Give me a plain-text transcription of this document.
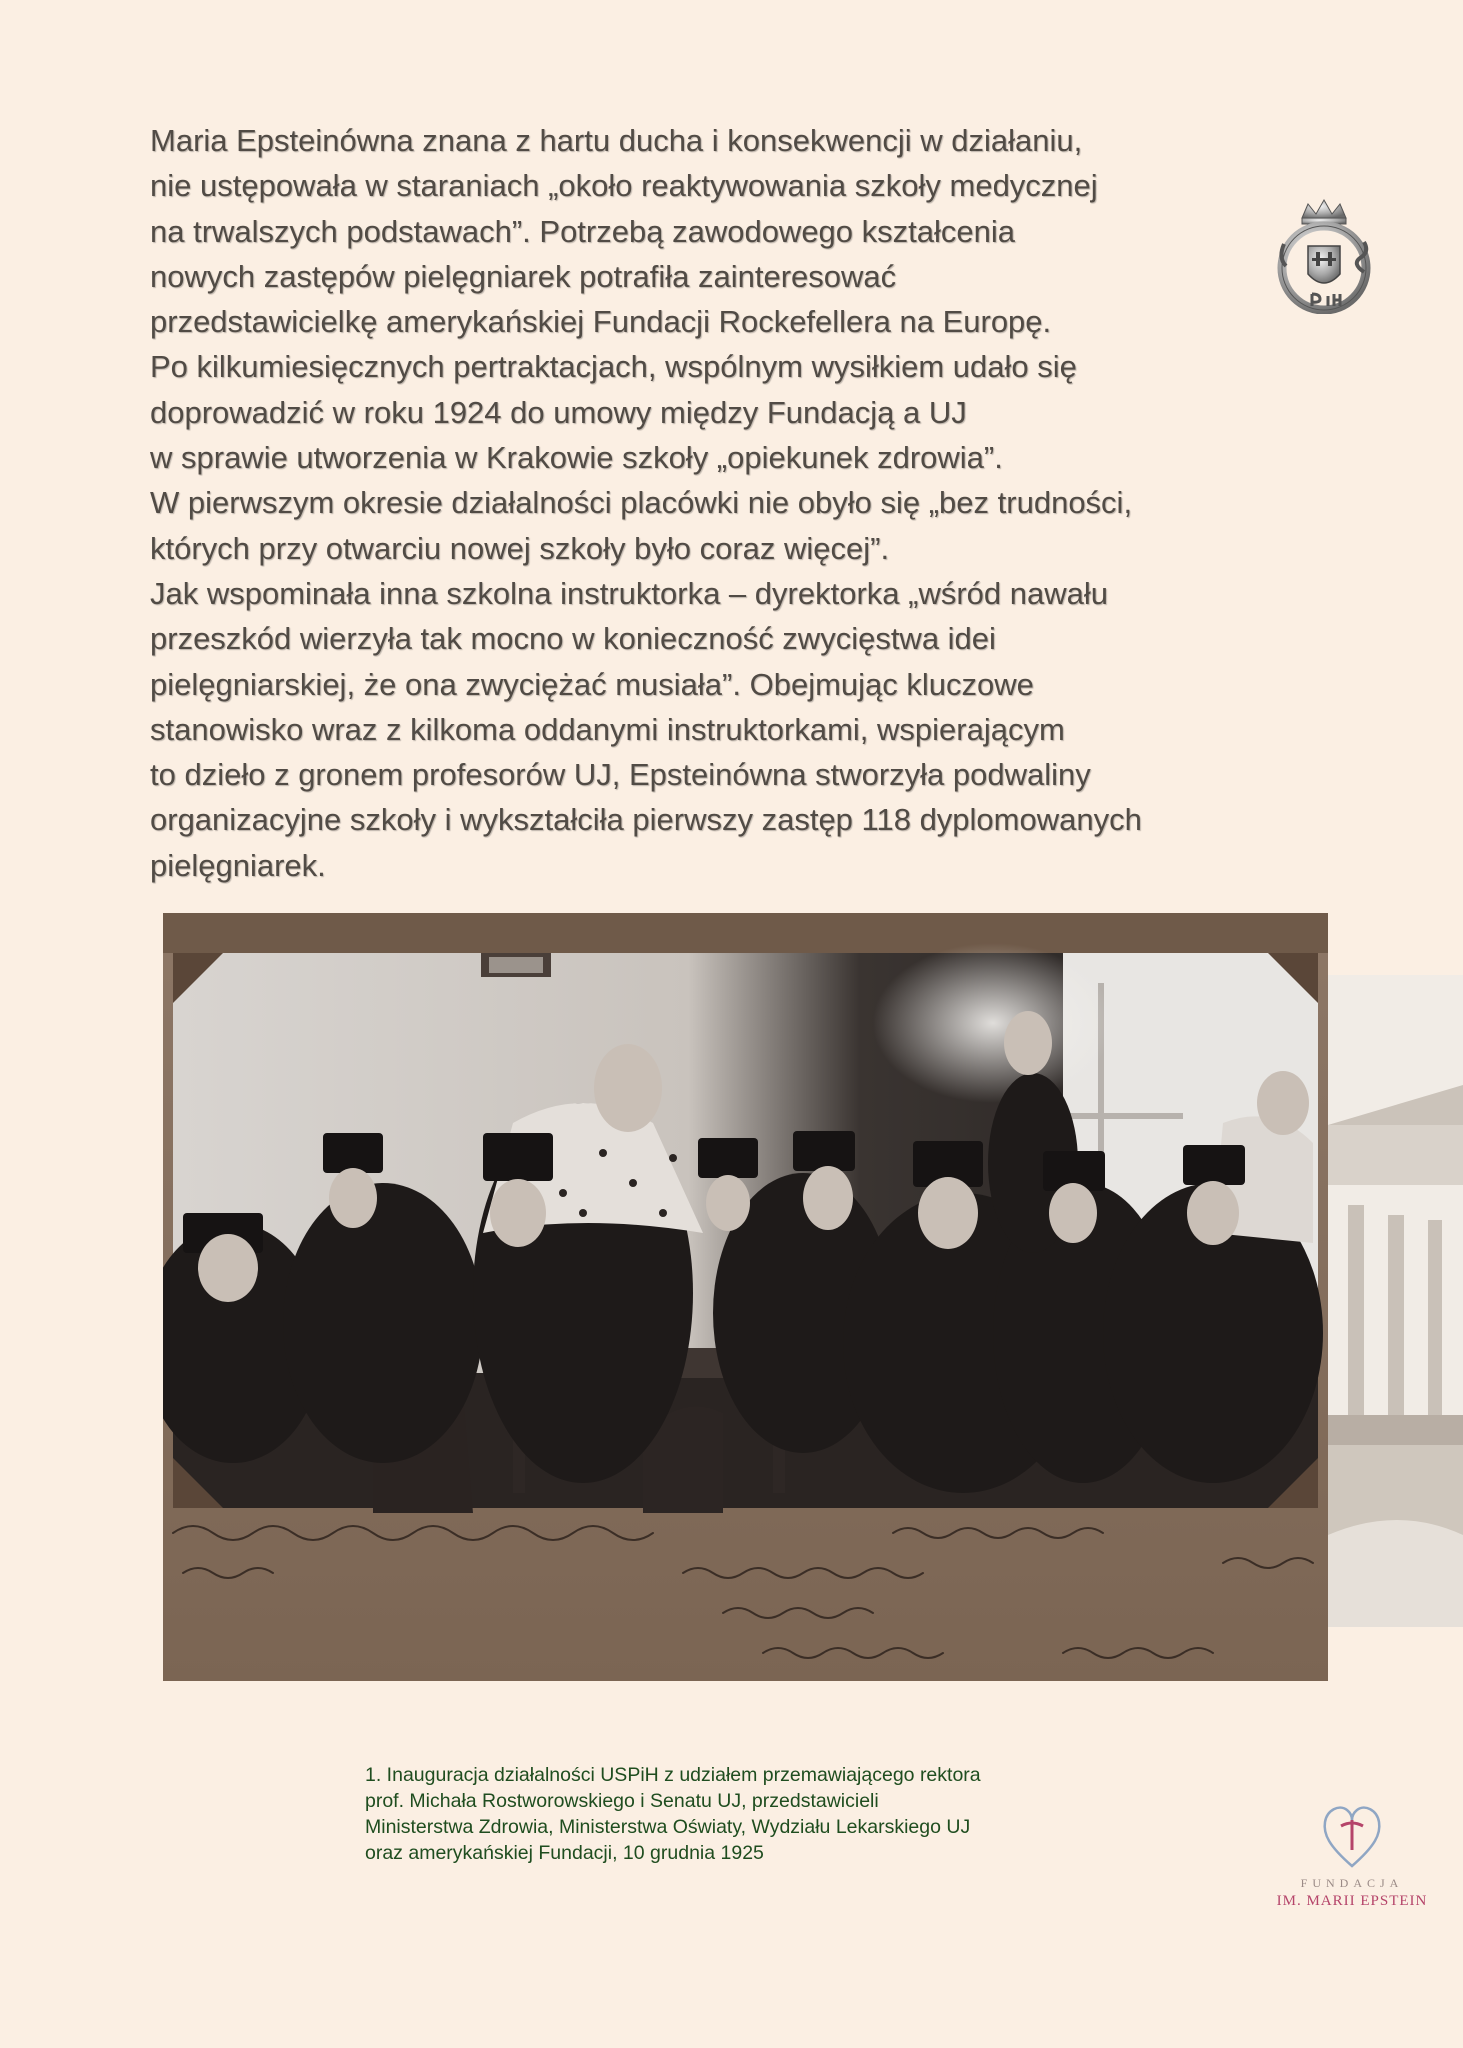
Maria Epsteinówna znana z hartu ducha i konsekwencji w działaniu,
nie ustępowała w staraniach „około reaktywowania szkoły medycznej
na trwalszych podstawach”. Potrzebą zawodowego kształcenia
nowych zastępów pielęgniarek potrafiła zainteresować
przedstawicielkę amerykańskiej Fundacji Rockefellera na Europę.
Po kilkumiesięcznych pertraktacjach, wspólnym wysiłkiem udało się
doprowadzić w roku 1924 do umowy między Fundacją a UJ
w sprawie utworzenia w Krakowie szkoły „opiekunek zdrowia”.
W pierwszym okresie działalności placówki nie obyło się „bez trudności,
których przy otwarciu nowej szkoły było coraz więcej”.
Jak wspominała inna szkolna instruktorka – dyrektorka „wśród nawału
przeszkód wierzyła tak mocno w konieczność zwycięstwa idei
pielęgniarskiej, że ona zwyciężać musiała”. Obejmując kluczowe
stanowisko wraz z kilkoma oddanymi instruktorkami, wspierającym
to dzieło z gronem profesorów UJ, Epsteinówna stworzyła podwaliny
organizacyjne szkoły i wykształciła pierwszy zastęp 118 dyplomowanych
pielęgniarek.
1. Inauguracja działalności USPiH z udziałem przemawiającego rektora
prof. Michała Rostworowskiego i Senatu UJ, przedstawicieli
Ministerstwa Zdrowia, Ministerstwa Oświaty, Wydziału Lekarskiego UJ
oraz amerykańskiej Fundacji, 10 grudnia 1925
FUNDACJA
IM. MARII EPSTEIN
